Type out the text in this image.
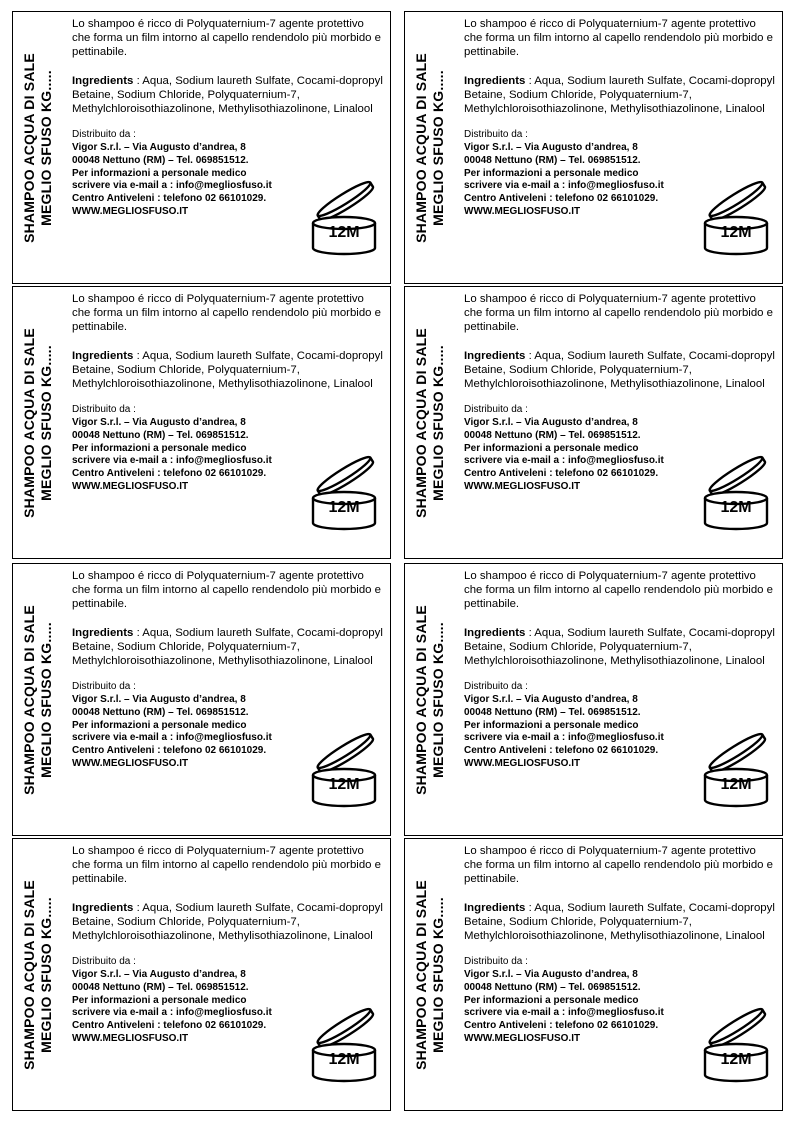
SHAMPOO ACQUA DI SALE MEGLIO SFUSO KG.....

Lo shampoo é ricco di Polyquaternium-7 agente protettivo che forma un film intorno al capello rendendolo più morbido e pettinabile.

Ingredients : Aqua, Sodium laureth Sulfate, Cocami-dopropyl Betaine, Sodium Chloride, Polyquaternium-7, Methylchloroisothiazolinone, Methylisothiazolinone, Linalool

Distribuito da :

Vigor S.r.l. – Via Augusto d’andrea, 8
00048 Nettuno (RM) – Tel. 069851512.
Per informazioni a personale medico
scrivere via e-mail a : info@megliosfuso.it
Centro Antiveleni : telefono 02 66101029.
WWW.MEGLIOSFUSO.IT

12M	SHAMPOO ACQUA DI SALE MEGLIO SFUSO KG.....

Lo shampoo é ricco di Polyquaternium-7 agente protettivo che forma un film intorno al capello rendendolo più morbido e pettinabile.

Ingredients : Aqua, Sodium laureth Sulfate, Cocami-dopropyl Betaine, Sodium Chloride, Polyquaternium-7, Methylchloroisothiazolinone, Methylisothiazolinone, Linalool

Distribuito da :

Vigor S.r.l. – Via Augusto d’andrea, 8
00048 Nettuno (RM) – Tel. 069851512.
Per informazioni a personale medico
scrivere via e-mail a : info@megliosfuso.it
Centro Antiveleni : telefono 02 66101029.
WWW.MEGLIOSFUSO.IT

12M
SHAMPOO ACQUA DI SALE MEGLIO SFUSO KG.....

Lo shampoo é ricco di Polyquaternium-7 agente protettivo che forma un film intorno al capello rendendolo più morbido e pettinabile.

Ingredients : Aqua, Sodium laureth Sulfate, Cocami-dopropyl Betaine, Sodium Chloride, Polyquaternium-7, Methylchloroisothiazolinone, Methylisothiazolinone, Linalool

Distribuito da :

Vigor S.r.l. – Via Augusto d’andrea, 8
00048 Nettuno (RM) – Tel. 069851512.
Per informazioni a personale medico
scrivere via e-mail a : info@megliosfuso.it
Centro Antiveleni : telefono 02 66101029.
WWW.MEGLIOSFUSO.IT

12M	SHAMPOO ACQUA DI SALE MEGLIO SFUSO KG.....

Lo shampoo é ricco di Polyquaternium-7 agente protettivo che forma un film intorno al capello rendendolo più morbido e pettinabile.

Ingredients : Aqua, Sodium laureth Sulfate, Cocami-dopropyl Betaine, Sodium Chloride, Polyquaternium-7, Methylchloroisothiazolinone, Methylisothiazolinone, Linalool

Distribuito da :

Vigor S.r.l. – Via Augusto d’andrea, 8
00048 Nettuno (RM) – Tel. 069851512.
Per informazioni a personale medico
scrivere via e-mail a : info@megliosfuso.it
Centro Antiveleni : telefono 02 66101029.
WWW.MEGLIOSFUSO.IT

12M
SHAMPOO ACQUA DI SALE MEGLIO SFUSO KG.....

Lo shampoo é ricco di Polyquaternium-7 agente protettivo che forma un film intorno al capello rendendolo più morbido e pettinabile.

Ingredients : Aqua, Sodium laureth Sulfate, Cocami-dopropyl Betaine, Sodium Chloride, Polyquaternium-7, Methylchloroisothiazolinone, Methylisothiazolinone, Linalool

Distribuito da :

Vigor S.r.l. – Via Augusto d’andrea, 8
00048 Nettuno (RM) – Tel. 069851512.
Per informazioni a personale medico
scrivere via e-mail a : info@megliosfuso.it
Centro Antiveleni : telefono 02 66101029.
WWW.MEGLIOSFUSO.IT

12M	SHAMPOO ACQUA DI SALE MEGLIO SFUSO KG.....

Lo shampoo é ricco di Polyquaternium-7 agente protettivo che forma un film intorno al capello rendendolo più morbido e pettinabile.

Ingredients : Aqua, Sodium laureth Sulfate, Cocami-dopropyl Betaine, Sodium Chloride, Polyquaternium-7, Methylchloroisothiazolinone, Methylisothiazolinone, Linalool

Distribuito da :

Vigor S.r.l. – Via Augusto d’andrea, 8
00048 Nettuno (RM) – Tel. 069851512.
Per informazioni a personale medico
scrivere via e-mail a : info@megliosfuso.it
Centro Antiveleni : telefono 02 66101029.
WWW.MEGLIOSFUSO.IT

12M
SHAMPOO ACQUA DI SALE MEGLIO SFUSO KG.....

Lo shampoo é ricco di Polyquaternium-7 agente protettivo che forma un film intorno al capello rendendolo più morbido e pettinabile.

Ingredients : Aqua, Sodium laureth Sulfate, Cocami-dopropyl Betaine, Sodium Chloride, Polyquaternium-7, Methylchloroisothiazolinone, Methylisothiazolinone, Linalool

Distribuito da :

Vigor S.r.l. – Via Augusto d’andrea, 8
00048 Nettuno (RM) – Tel. 069851512.
Per informazioni a personale medico
scrivere via e-mail a : info@megliosfuso.it
Centro Antiveleni : telefono 02 66101029.
WWW.MEGLIOSFUSO.IT

12M	SHAMPOO ACQUA DI SALE MEGLIO SFUSO KG.....

Lo shampoo é ricco di Polyquaternium-7 agente protettivo che forma un film intorno al capello rendendolo più morbido e pettinabile.

Ingredients : Aqua, Sodium laureth Sulfate, Cocami-dopropyl Betaine, Sodium Chloride, Polyquaternium-7, Methylchloroisothiazolinone, Methylisothiazolinone, Linalool

Distribuito da :

Vigor S.r.l. – Via Augusto d’andrea, 8
00048 Nettuno (RM) – Tel. 069851512.
Per informazioni a personale medico
scrivere via e-mail a : info@megliosfuso.it
Centro Antiveleni : telefono 02 66101029.
WWW.MEGLIOSFUSO.IT

12M
